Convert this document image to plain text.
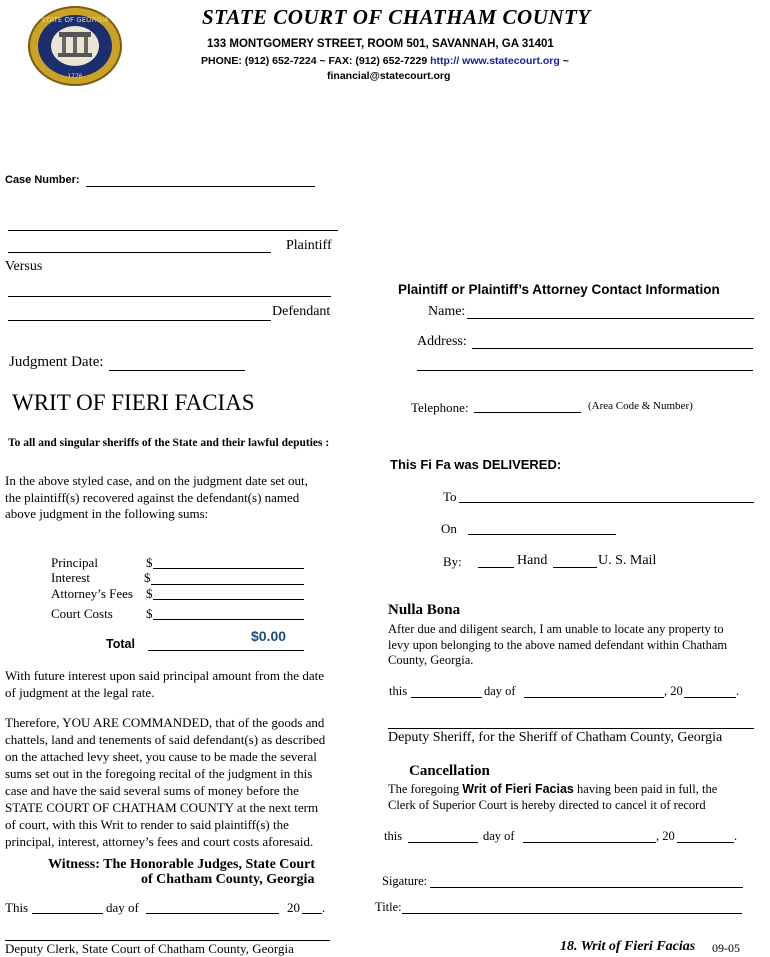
STATE OF GEORGIA
1776
STATE COURT OF CHATHAM COUNTY
133 MONTGOMERY STREET, ROOM 501, SAVANNAH, GA 31401
PHONE: (912) 652-7224 ~ FAX: (912) 652-7229 http:// www.statecourt.org ~
financial@statecourt.org
Case Number:
Plaintiff
Versus
Defendant
Judgment Date:
WRIT OF FIERI FACIAS
To all and singular sheriffs of the State and their lawful deputies :
In the above styled case, and on the judgment date set out,
the plaintiff(s) recovered against the defendant(s) named
above judgment in the following sums:
Principal	$
Interest	$
Attorney’s Fees $
Court Costs	$
Total	$0.00
With future interest upon said principal amount from the date
of judgment at the legal rate.
Therefore, YOU ARE COMMANDED, that of the goods and
chattels, land and tenements of said defendant(s) as described
on the attached levy sheet, you cause to be made the several
sums set out in the foregoing recital of the judgment in this
case and have the said several sums of money before the
STATE COURT OF CHATHAM COUNTY at the next term
of court, with this Writ to render to said plaintiff(s) the
principal, interest, attorney’s fees and court costs aforesaid.
Witness: The Honorable Judges, State Court
of Chatham County, Georgia
This	day of	20 .
Deputy Clerk, State Court of Chatham County, Georgia
Plaintiff or Plaintiff’s Attorney Contact Information
Name:
Address:
Telephone:	(Area Code & Number)
This Fi Fa was DELIVERED:
To
On
By:	Hand	U. S. Mail
Nulla Bona
After due and diligent search, I am unable to locate any property to
levy upon belonging to the above named defendant within Chatham
County, Georgia.
this	day of	, 20	.
Deputy Sheriff, for the Sheriff of Chatham County, Georgia
Cancellation
The foregoing Writ of Fieri Facias having been paid in full, the
Clerk of Superior Court is hereby directed to cancel it of record
this	day of	, 20	.
Sigature:
Title:
18. Writ of Fieri Facias 09-05
